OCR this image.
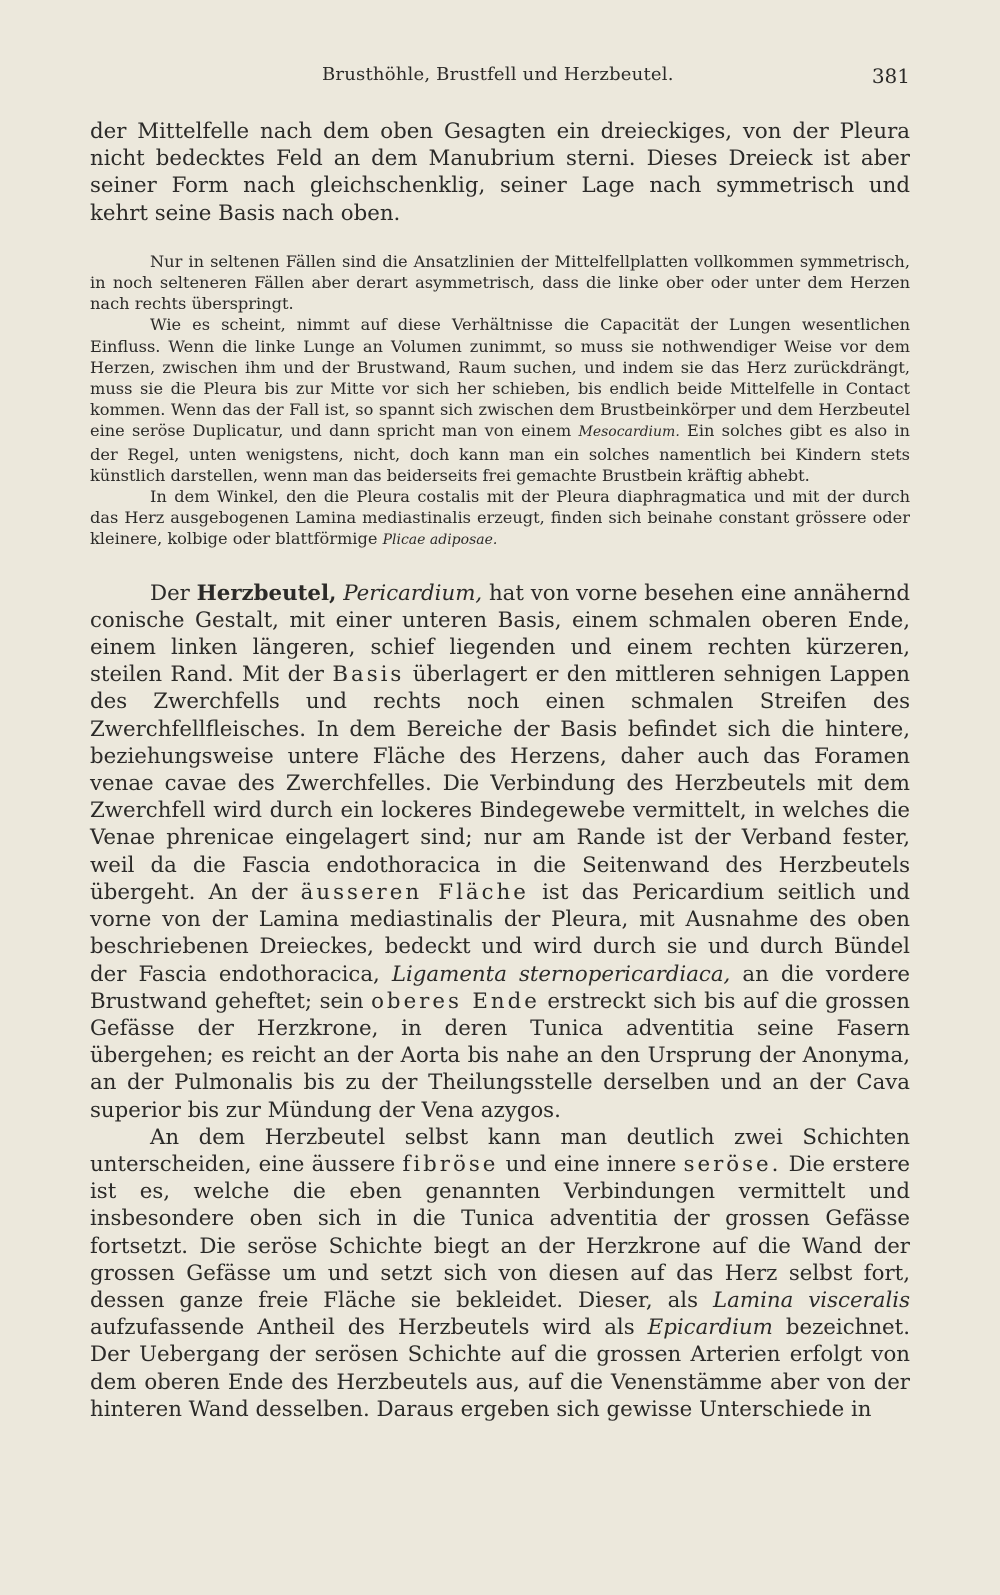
Brusthöhle, Brustfell und Herzbeutel.	381

der Mittelfelle nach dem oben Gesagten ein dreieckiges, von der Pleura nicht bedecktes Feld an dem Manubrium sterni. Dieses Dreieck ist aber seiner Form nach gleichschenklig, seiner Lage nach symmetrisch und kehrt seine Basis nach oben.

Nur in seltenen Fällen sind die Ansatzlinien der Mittelfellplatten vollkommen symmetrisch, in noch selteneren Fällen aber derart asymmetrisch, dass die linke ober oder unter dem Herzen nach rechts überspringt.

Wie es scheint, nimmt auf diese Verhältnisse die Capacität der Lungen wesentlichen Einfluss. Wenn die linke Lunge an Volumen zunimmt, so muss sie nothwendiger Weise vor dem Herzen, zwischen ihm und der Brustwand, Raum suchen, und indem sie das Herz zurückdrängt, muss sie die Pleura bis zur Mitte vor sich her schieben, bis endlich beide Mittelfelle in Contact kommen. Wenn das der Fall ist, so spannt sich zwischen dem Brustbeinkörper und dem Herzbeutel eine seröse Duplicatur, und dann spricht man von einem Mesocardium. Ein solches gibt es also in der Regel, unten wenigstens, nicht, doch kann man ein solches namentlich bei Kindern stets künstlich darstellen, wenn man das beiderseits frei gemachte Brustbein kräftig abhebt.

In dem Winkel, den die Pleura costalis mit der Pleura diaphragmatica und mit der durch das Herz ausgebogenen Lamina mediastinalis erzeugt, finden sich beinahe constant grössere oder kleinere, kolbige oder blattförmige Plicae adiposae.

Der Herzbeutel, Pericardium, hat von vorne besehen eine annähernd conische Gestalt, mit einer unteren Basis, einem schmalen oberen Ende, einem linken längeren, schief liegenden und einem rechten kürzeren, steilen Rand. Mit der Basis überlagert er den mittleren sehnigen Lappen des Zwerchfells und rechts noch einen schmalen Streifen des Zwerchfellfleisches. In dem Bereiche der Basis befindet sich die hintere, beziehungsweise untere Fläche des Herzens, daher auch das Foramen venae cavae des Zwerchfelles. Die Verbindung des Herzbeutels mit dem Zwerchfell wird durch ein lockeres Bindegewebe vermittelt, in welches die Venae phrenicae eingelagert sind; nur am Rande ist der Verband fester, weil da die Fascia endothoracica in die Seitenwand des Herzbeutels übergeht. An der äusseren Fläche ist das Pericardium seitlich und vorne von der Lamina mediastinalis der Pleura, mit Ausnahme des oben beschriebenen Dreieckes, bedeckt und wird durch sie und durch Bündel der Fascia endothoracica, Ligamenta sternopericardiaca, an die vordere Brustwand geheftet; sein oberes Ende erstreckt sich bis auf die grossen Gefässe der Herzkrone, in deren Tunica adventitia seine Fasern übergehen; es reicht an der Aorta bis nahe an den Ursprung der Anonyma, an der Pulmonalis bis zu der Theilungsstelle derselben und an der Cava superior bis zur Mündung der Vena azygos.

An dem Herzbeutel selbst kann man deutlich zwei Schichten unterscheiden, eine äussere fibröse und eine innere seröse. Die erstere ist es, welche die eben genannten Verbindungen vermittelt und insbesondere oben sich in die Tunica adventitia der grossen Gefässe fortsetzt. Die seröse Schichte biegt an der Herzkrone auf die Wand der grossen Gefässe um und setzt sich von diesen auf das Herz selbst fort, dessen ganze freie Fläche sie bekleidet. Dieser, als Lamina visceralis aufzufassende Antheil des Herzbeutels wird als Epicardium bezeichnet. Der Uebergang der serösen Schichte auf die grossen Arterien erfolgt von dem oberen Ende des Herzbeutels aus, auf die Venenstämme aber von der hinteren Wand desselben. Daraus ergeben sich gewisse Unterschiede in
